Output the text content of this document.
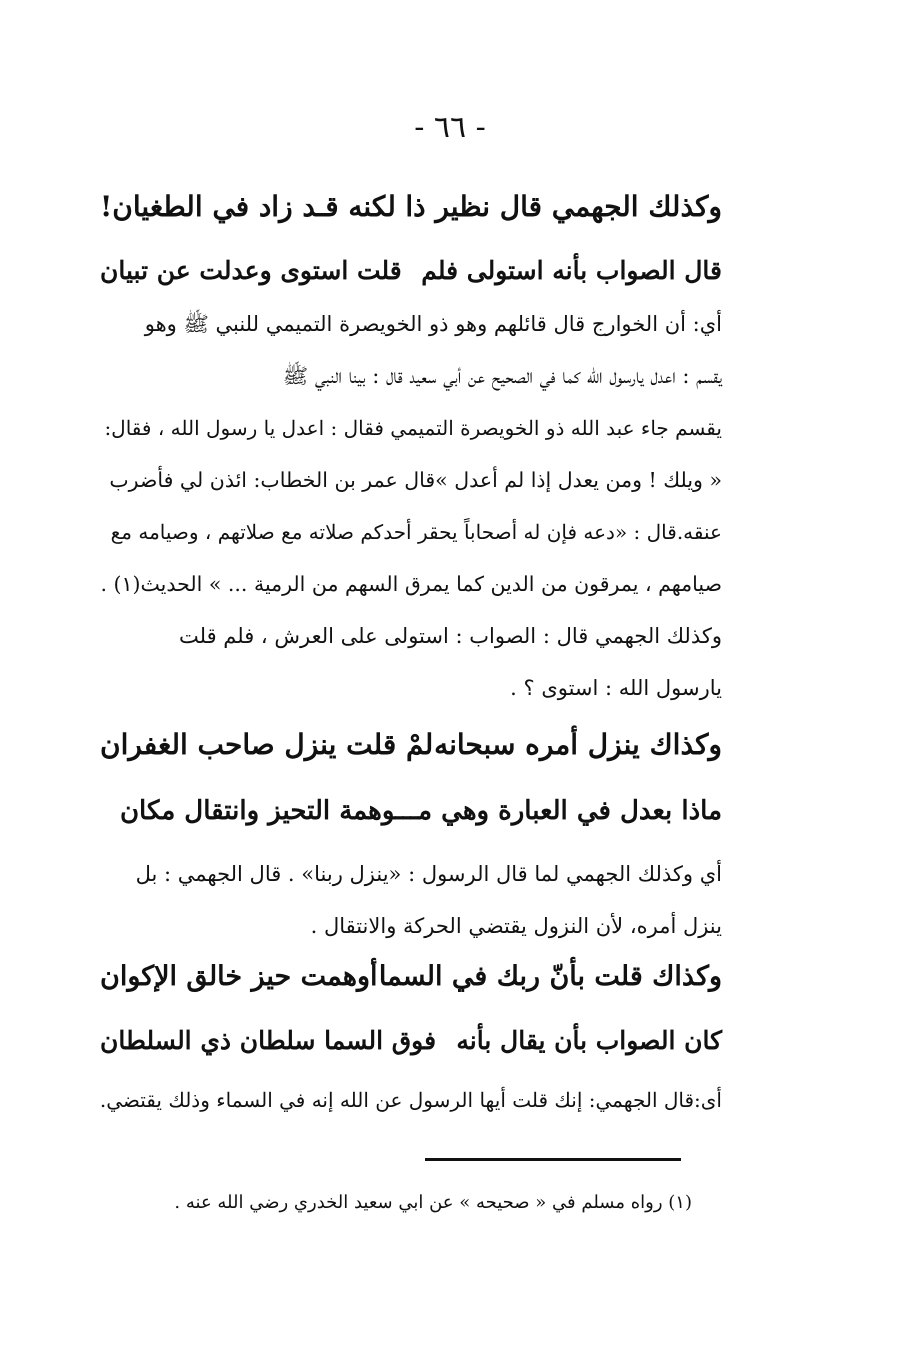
- ٦٦ -
وكذلك الجهمي قال نظير ذا
لكنه قـد زاد في الطغيان!
قال الصواب بأنه استولى فلم
قلت استوى وعدلت عن تبيان
أي: أن الخوارج قال قائلهم وهو ذو الخويصرة التميمي للنبي ﷺ وهو
يقسم : اعدل يارسول الله كما في الصحيح عن أبي سعيد قال : بينا النبي ﷺ
يقسم جاء عبد الله ذو الخويصرة التميمي فقال : اعدل يا رسول الله ، فقال:
« ويلك ! ومن يعدل إذا لم أعدل »قال عمر بن الخطاب: ائذن لي فأضرب
عنقه.قال : «دعه فإن له أصحاباً يحقر أحدكم صلاته مع صلاتهم ، وصيامه مع
صيامهم ، يمرقون من الدين كما يمرق السهم من الرمية ... » الحديث(١) .
وكذلك الجهمي قال : الصواب : استولى على العرش ، فلم قلت
يارسول الله : استوى ؟ .
وكذاك ينزل أمره سبحانه
لمْ قلت ينزل صاحب الغفران
ماذا بعدل في العبارة وهي مـــوهمة التحيز وانتقال مكان
أي وكذلك الجهمي لما قال الرسول : «ينزل ربنا» . قال الجهمي : بل
ينزل أمره، لأن النزول يقتضي الحركة والانتقال .
وكذاك قلت بأنّ ربك في السما
أوهمت حيز خالق الإكوان
كان الصواب بأن يقال بأنه
فوق السما سلطان ذي السلطان
أى:قال الجهمي: إنك قلت أيها الرسول عن الله إنه في السماء وذلك يقتضي.
(١) رواه مسلم في « صحيحه » عن ابي سعيد الخدري رضي الله عنه .
